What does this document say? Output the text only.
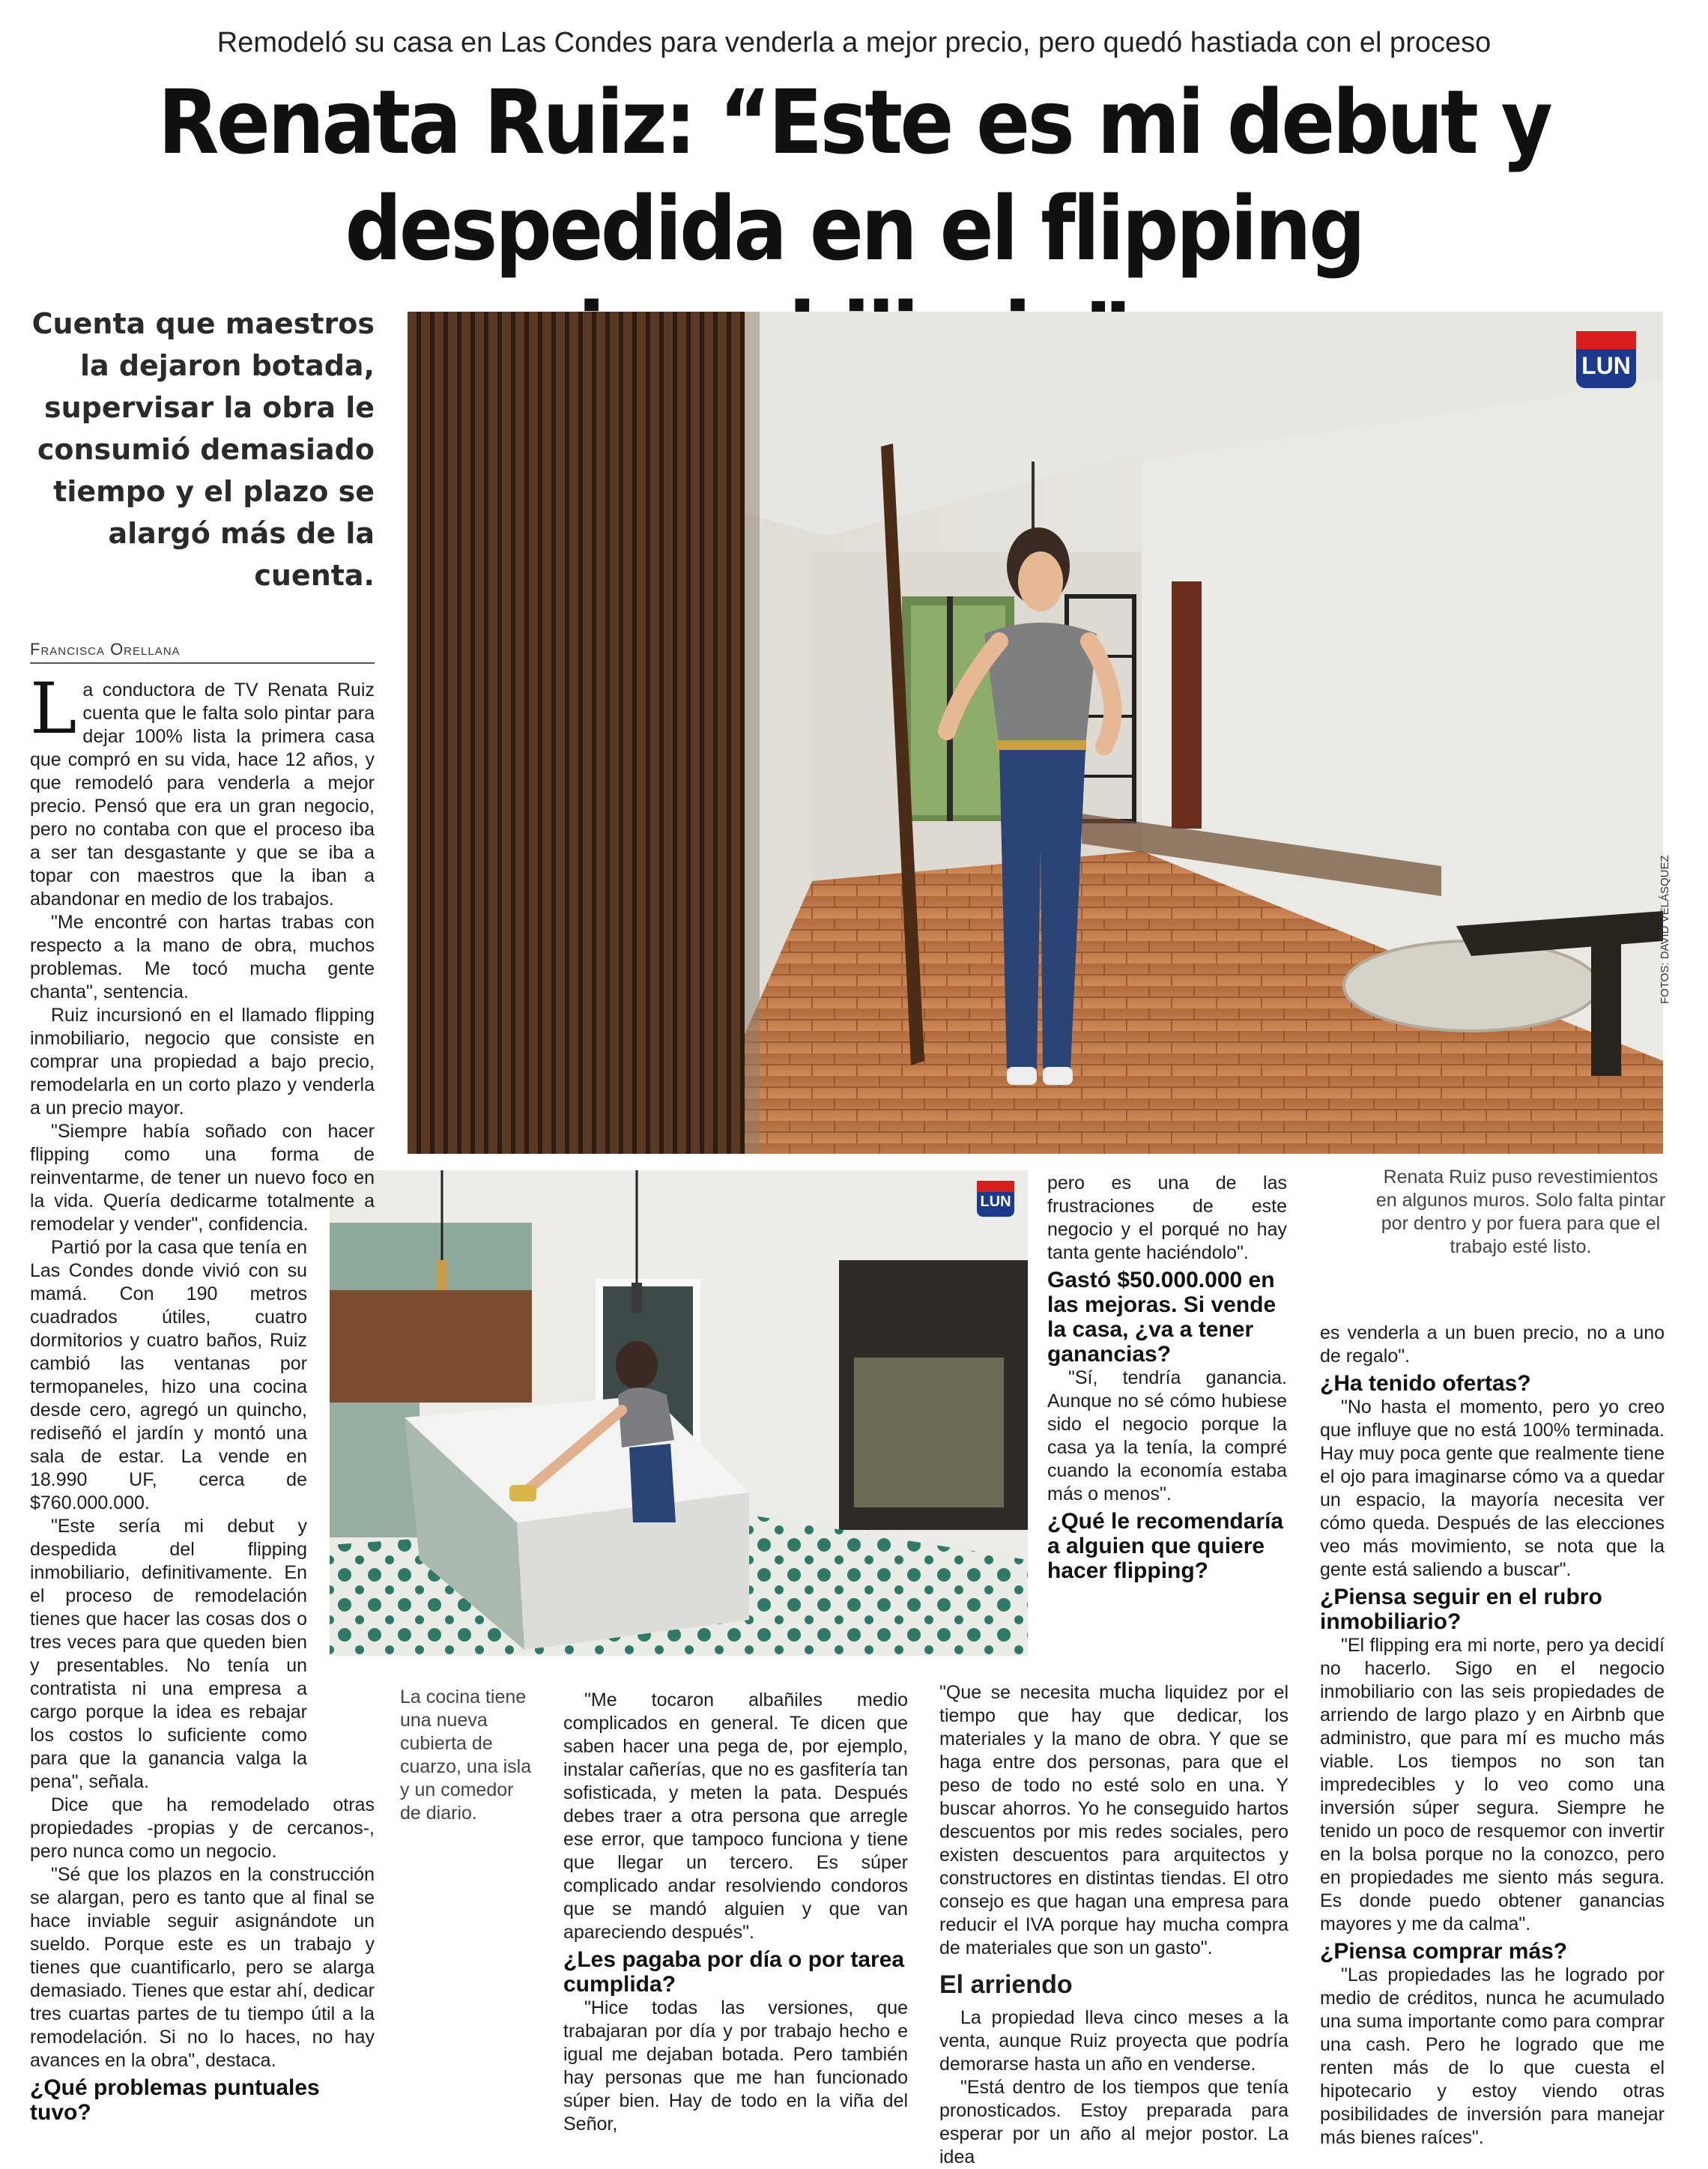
Remodeló su casa en Las Condes para venderla a mejor precio, pero quedó hastiada con el proceso
Renata Ruiz: “Este es mi debut y despedida en el flipping
Cuenta que maestros la dejaron botada, supervisar la obra le consumió demasiado tiempo y el plazo se alargó más de la cuenta.
Francisca Orellana
LUN
FOTOS: DAVID VELÁSQUEZ
Renata Ruiz puso revestimientos en algunos muros. Solo falta pintar por dentro y por fuera para que el trabajo esté listo.
LUN
La cocina tiene una nueva cubierta de cuarzo, una isla y un comedor de diario.

La conductora de TV Renata Ruiz cuenta que le falta solo pintar para dejar 100% lista la primera casa que compró en su vida, hace 12 años, y que remodeló para venderla a mejor precio. Pensó que era un gran negocio, pero no contaba con que el proceso iba a ser tan desgastante y que se iba a topar con maestros que la iban a abandonar en medio de los trabajos.

"Me encontré con hartas trabas con respecto a la mano de obra, muchos problemas. Me tocó mucha gente chanta", sentencia.

Ruiz incursionó en el llamado flipping inmobiliario, negocio que consiste en comprar una propiedad a bajo precio, remodelarla en un corto plazo y venderla a un precio mayor.

"Siempre había soñado con hacer flipping como una forma de reinventarme, de tener un nuevo foco en la vida. Quería dedicarme totalmente a remodelar y vender", confidencia.

Partió por la casa que tenía en Las Condes donde vivió con su mamá. Con 190 metros cuadrados útiles, cuatro dormitorios y cuatro baños, Ruiz cambió las ventanas por termopaneles, hizo una cocina desde cero, agregó un quincho, rediseñó el jardín y montó una sala de estar. La vende en 18.990 UF, cerca de $760.000.000.

"Este sería mi debut y despedida del flipping inmobiliario, definitivamente. En el proceso de remodelación tienes que hacer las cosas dos o tres veces para que queden bien y presentables. No tenía un contratista ni una empresa a cargo porque la idea es rebajar los costos lo suficiente como para que la ganancia valga la pena", señala.

Dice que ha remodelado otras propiedades -propias y de cercanos-, pero nunca como un negocio.

"Sé que los plazos en la construcción se alargan, pero es tanto que al final se hace inviable seguir asignándote un sueldo. Porque este es un trabajo y tienes que cuantificarlo, pero se alarga demasiado. Tienes que estar ahí, dedicar tres cuartas partes de tu tiempo útil a la remodelación. Si no lo haces, no hay avances en la obra", destaca.

¿Qué problemas puntuales tuvo?

"Me tocaron albañiles medio complicados en general. Te dicen que saben hacer una pega de, por ejemplo, instalar cañerías, que no es gasfitería tan sofisticada, y meten la pata. Después debes traer a otra persona que arregle ese error, que tampoco funciona y tiene que llegar un tercero. Es súper complicado andar resolviendo condoros que se mandó alguien y que van apareciendo después".

¿Les pagaba por día o por tarea cumplida?

"Hice todas las versiones, que trabajaran por día y por trabajo hecho e igual me dejaban botada. Pero también hay personas que me han funcionado súper bien. Hay de todo en la viña del Señor,

pero es una de las frustraciones de este negocio y el porqué no hay tanta gente haciéndolo".

Gastó $50.000.000 en las mejoras. Si vende la casa, ¿va a tener ganancias?

"Sí, tendría ganancia. Aunque no sé cómo hubiese sido el negocio porque la casa ya la tenía, la compré cuando la economía estaba más o menos".

¿Qué le recomendaría a alguien que quiere hacer flipping?

"Que se necesita mucha liquidez por el tiempo que hay que dedicar, los materiales y la mano de obra. Y que se haga entre dos personas, para que el peso de todo no esté solo en una. Y buscar ahorros. Yo he conseguido hartos descuentos por mis redes sociales, pero existen descuentos para arquitectos y constructores en distintas tiendas. El otro consejo es que hagan una empresa para reducir el IVA porque hay mucha compra de materiales que son un gasto".

El arriendo

La propiedad lleva cinco meses a la venta, aunque Ruiz proyecta que podría demorarse hasta un año en venderse.

"Está dentro de los tiempos que tenía pronosticados. Estoy preparada para esperar por un año al mejor postor. La idea

es venderla a un buen precio, no a uno de regalo".

¿Ha tenido ofertas?

"No hasta el momento, pero yo creo que influye que no está 100% terminada. Hay muy poca gente que realmente tiene el ojo para imaginarse cómo va a quedar un espacio, la mayoría necesita ver cómo queda. Después de las elecciones veo más movimiento, se nota que la gente está saliendo a buscar".

¿Piensa seguir en el rubro inmobiliario?

"El flipping era mi norte, pero ya decidí no hacerlo. Sigo en el negocio inmobiliario con las seis propiedades de arriendo de largo plazo y en Airbnb que administro, que para mí es mucho más viable. Los tiempos no son tan impredecibles y lo veo como una inversión súper segura. Siempre he tenido un poco de resquemor con invertir en la bolsa porque no la conozco, pero en propiedades me siento más segura. Es donde puedo obtener ganancias mayores y me da calma".

¿Piensa comprar más?

"Las propiedades las he logrado por medio de créditos, nunca he acumulado una suma importante como para comprar una cash. Pero he logrado que me renten más de lo que cuesta el hipotecario y estoy viendo otras posibilidades de inversión para manejar más bienes raíces".
